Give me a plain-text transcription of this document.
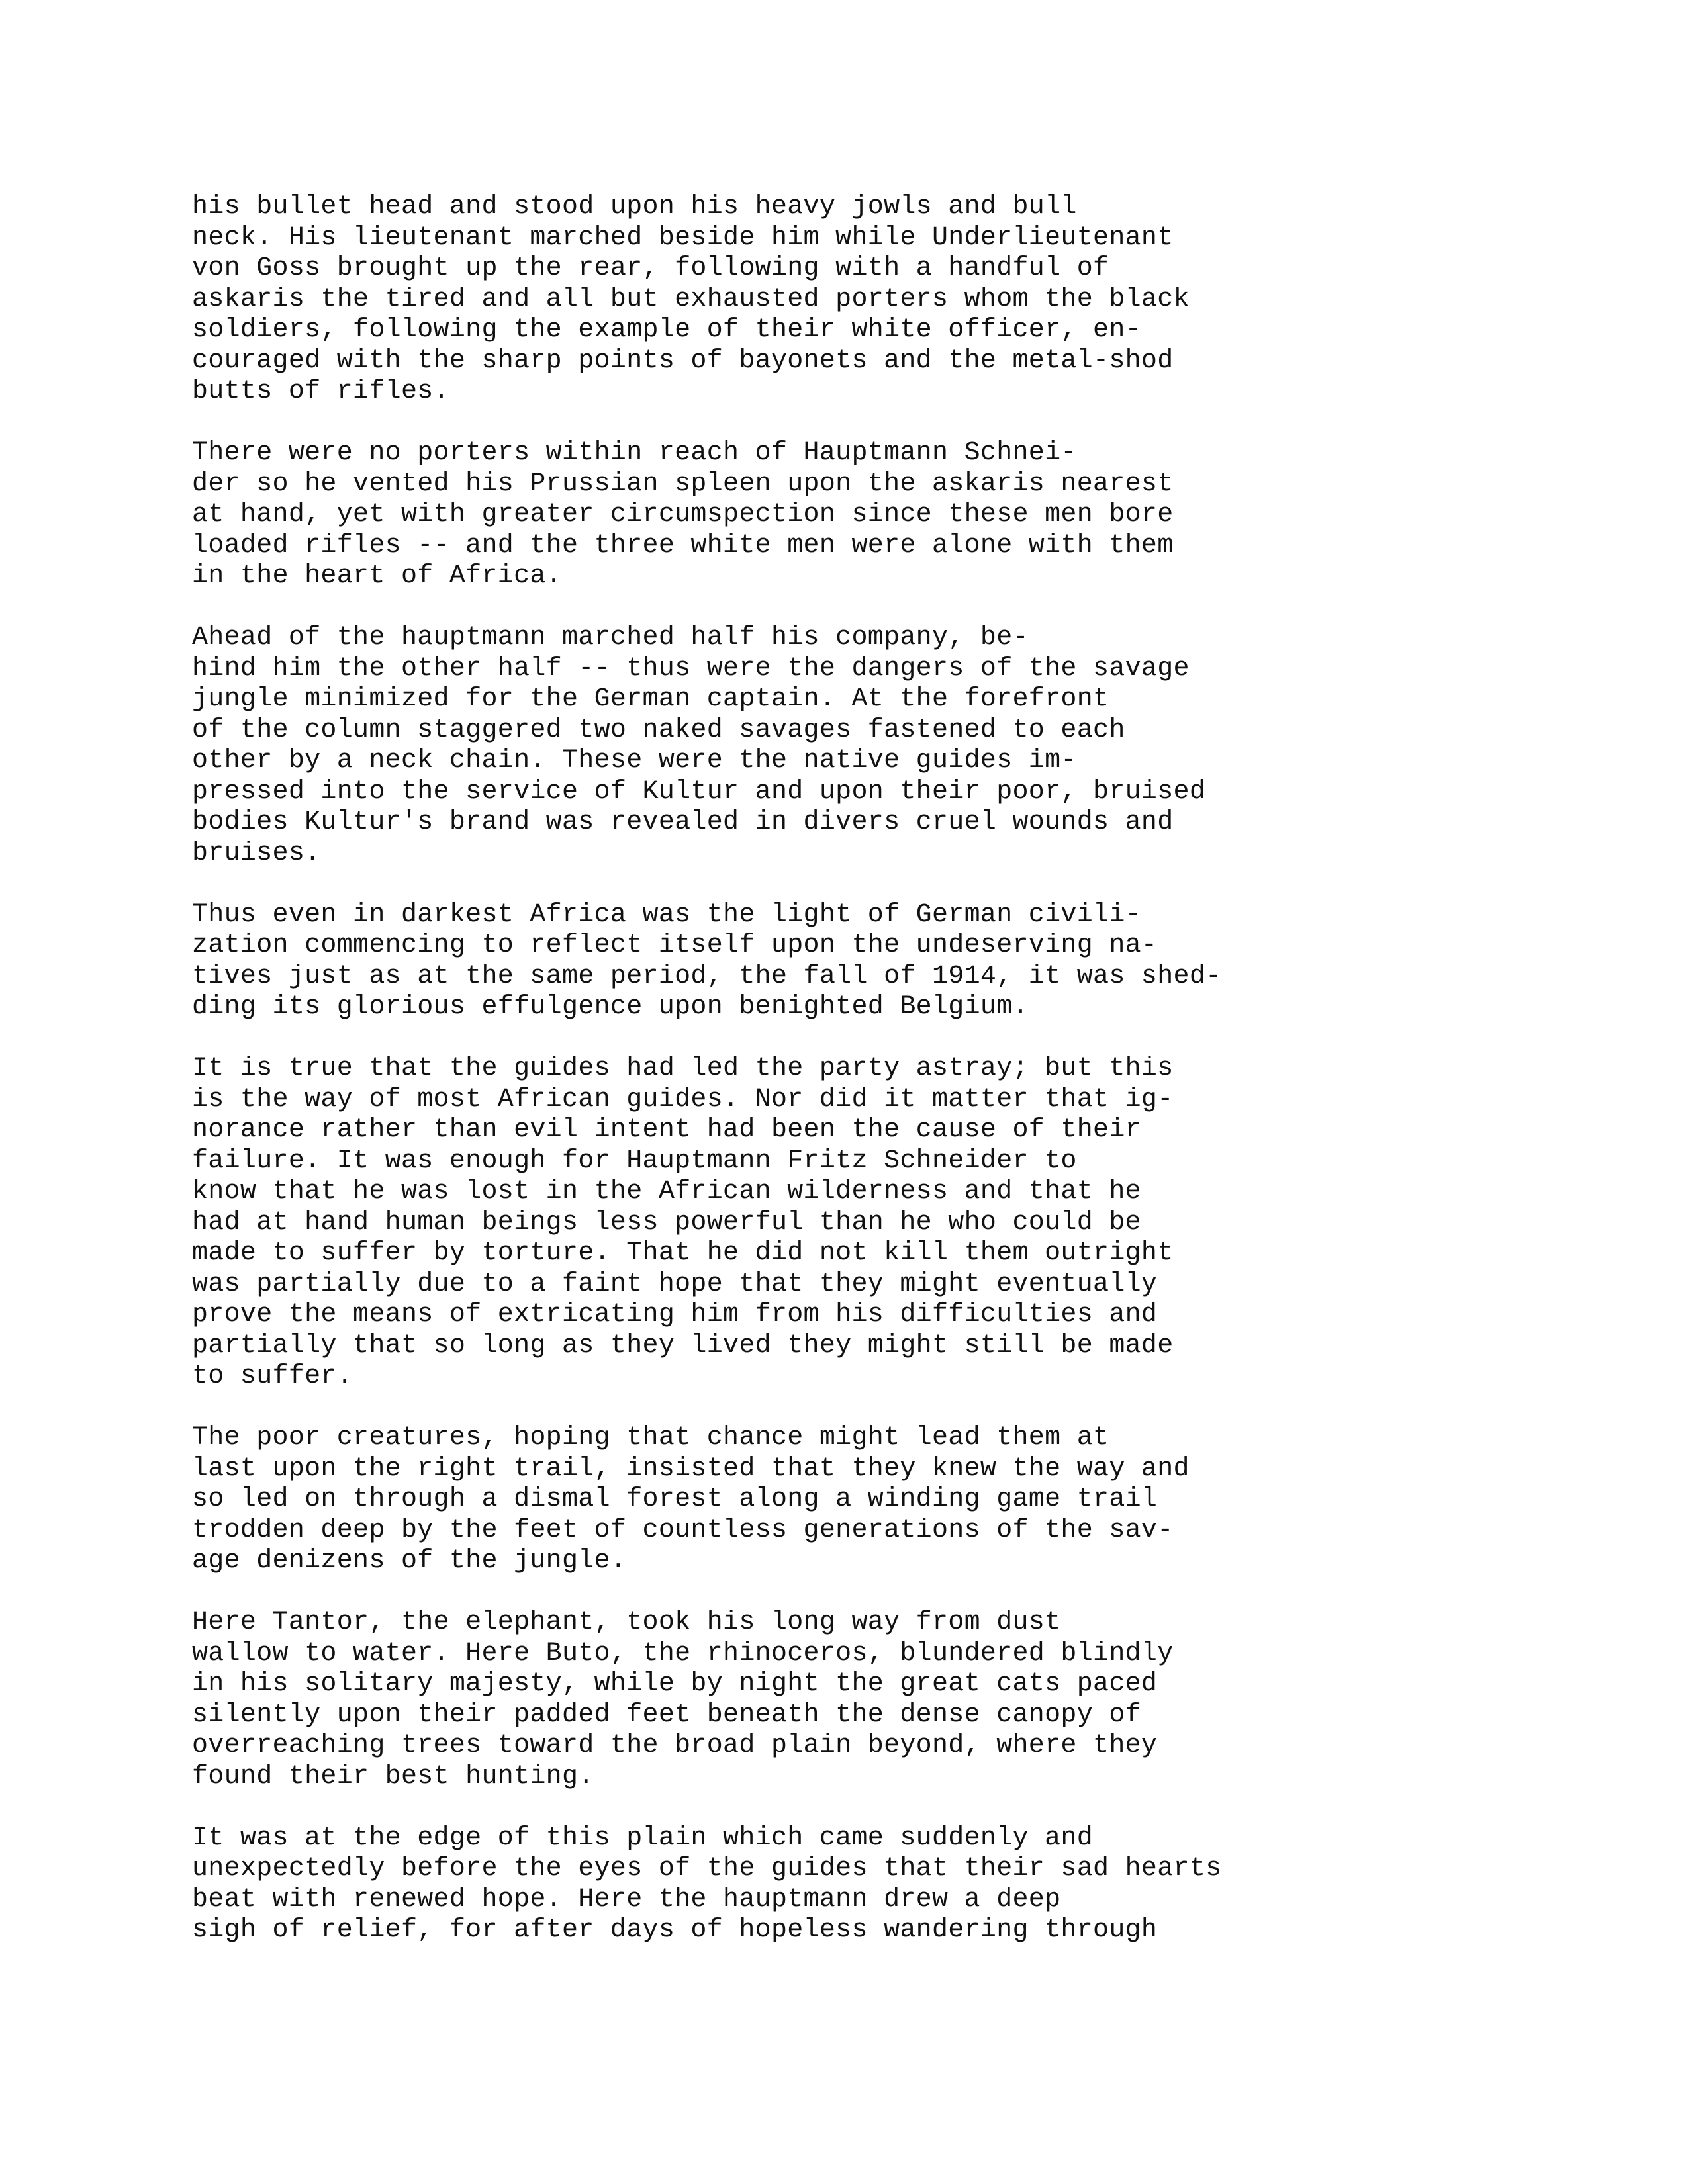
his bullet head and stood upon his heavy jowls and bull
neck. His lieutenant marched beside him while Underlieutenant
von Goss brought up the rear, following with a handful of
askaris the tired and all but exhausted porters whom the black
soldiers, following the example of their white officer, en-
couraged with the sharp points of bayonets and the metal-shod
butts of rifles.

There were no porters within reach of Hauptmann Schnei-
der so he vented his Prussian spleen upon the askaris nearest
at hand, yet with greater circumspection since these men bore
loaded rifles -- and the three white men were alone with them
in the heart of Africa.

Ahead of the hauptmann marched half his company, be-
hind him the other half -- thus were the dangers of the savage
jungle minimized for the German captain. At the forefront
of the column staggered two naked savages fastened to each
other by a neck chain. These were the native guides im-
pressed into the service of Kultur and upon their poor, bruised
bodies Kultur's brand was revealed in divers cruel wounds and
bruises.

Thus even in darkest Africa was the light of German civili-
zation commencing to reflect itself upon the undeserving na-
tives just as at the same period, the fall of 1914, it was shed-
ding its glorious effulgence upon benighted Belgium.

It is true that the guides had led the party astray; but this
is the way of most African guides. Nor did it matter that ig-
norance rather than evil intent had been the cause of their
failure. It was enough for Hauptmann Fritz Schneider to
know that he was lost in the African wilderness and that he
had at hand human beings less powerful than he who could be
made to suffer by torture. That he did not kill them outright
was partially due to a faint hope that they might eventually
prove the means of extricating him from his difficulties and
partially that so long as they lived they might still be made
to suffer.

The poor creatures, hoping that chance might lead them at
last upon the right trail, insisted that they knew the way and
so led on through a dismal forest along a winding game trail
trodden deep by the feet of countless generations of the sav-
age denizens of the jungle.

Here Tantor, the elephant, took his long way from dust
wallow to water. Here Buto, the rhinoceros, blundered blindly
in his solitary majesty, while by night the great cats paced
silently upon their padded feet beneath the dense canopy of
overreaching trees toward the broad plain beyond, where they
found their best hunting.

It was at the edge of this plain which came suddenly and
unexpectedly before the eyes of the guides that their sad hearts
beat with renewed hope. Here the hauptmann drew a deep
sigh of relief, for after days of hopeless wandering through
